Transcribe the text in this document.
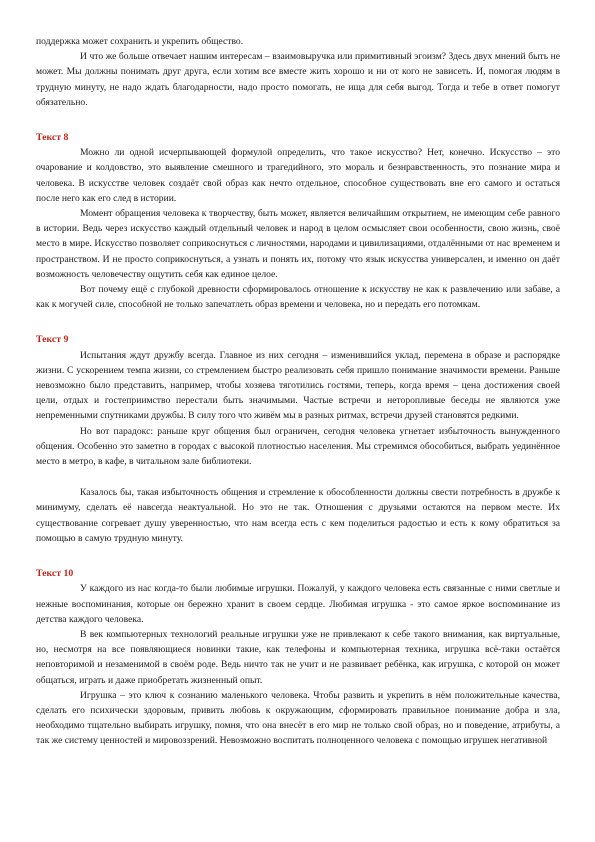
поддержка может сохранить и укрепить общество.

И что же больше отвечает нашим интересам – взаимовыручка или примитивный эгоизм? Здесь двух мнений быть не может. Мы должны понимать друг друга, если хотим все вместе жить хорошо и ни от кого не зависеть. И, помогая людям в трудную минуту, не надо ждать благодарности, надо просто помогать, не ища для себя выгод. Тогда и тебе в ответ помогут обязательно.

Текст 8

Можно ли одной исчерпывающей формулой определить, что такое искусство? Нет, конечно. Искусство – это очарование и колдовство, это выявление смешного и трагедийного, это мораль и безнравственность, это познание мира и человека. В искусстве человек создаёт свой образ как нечто отдельное, способное существовать вне его самого и остаться после него как его след в истории.

Момент обращения человека к творчеству, быть может, является величайшим открытием, не имеющим себе равного в истории. Ведь через искусство каждый отдельный человек и народ в целом осмысляет свои особенности, свою жизнь, своё место в мире. Искусство позволяет соприкоснуться с личностями, народами и цивилизациями, отдалёнными от нас временем и пространством. И не просто соприкоснуться, а узнать и понять их, потому что язык искусства универсален, и именно он даёт возможность человечеству ощутить себя как единое целое.

Вот почему ещё с глубокой древности сформировалось отношение к искусству не как к развлечению или забаве, а как к могучей силе, способной не только запечатлеть образ времени и человека, но и передать его потомкам.

Текст 9

Испытания ждут дружбу всегда. Главное из них сегодня – изменившийся уклад, перемена в образе и распорядке жизни. С ускорением темпа жизни, со стремлением быстро реализовать себя пришло понимание значимости времени. Раньше невозможно было представить, например, чтобы хозяева тяготились гостями, теперь, когда время – цена достижения своей цели, отдых и гостеприимство перестали быть значимыми. Частые встречи и неторопливые беседы не являются уже непременными спутниками дружбы. В силу того что живём мы в разных ритмах, встречи друзей становятся редкими.

Но вот парадокс: раньше круг общения был ограничен, сегодня человека угнетает избыточность вынужденного общения. Особенно это заметно в городах с высокой плотностью населения. Мы стремимся обособиться, выбрать уединённое место в метро, в кафе, в читальном зале библиотеки.

Казалось бы, такая избыточность общения и стремление к обособленности должны свести потребность в дружбе к минимуму, сделать её навсегда неактуальной. Но это не так. Отношения с друзьями остаются на первом месте. Их существование согревает душу уверенностью, что нам всегда есть с кем поделиться радостью и есть к кому обратиться за помощью в самую трудную минуту.

Текст 10

У каждого из нас когда-то были любимые игрушки. Пожалуй, у каждого человека есть связанные с ними светлые и нежные воспоминания, которые он бережно хранит в своем сердце. Любимая игрушка - это самое яркое воспоминание из детства каждого человека.

В век компьютерных технологий реальные игрушки уже не привлекают к себе такого внимания, как виртуальные, но, несмотря на все появляющиеся новинки такие, как телефоны и компьютерная техника, игрушка всё-таки остаётся неповторимой и незаменимой в своём роде. Ведь ничто так не учит и не развивает ребёнка, как игрушка, с которой он может общаться, играть и даже приобретать жизненный опыт.

Игрушка – это ключ к сознанию маленького человека. Чтобы развить и укрепить в нём положительные качества, сделать его психически здоровым, привить любовь к окружающим, сформировать правильное понимание добра и зла, необходимо тщательно выбирать игрушку, помня, что она внесёт в его мир не только свой образ, но и поведение, атрибуты, а так же систему ценностей и мировоззрений. Невозможно воспитать полноценного человека с помощью игрушек негативной
